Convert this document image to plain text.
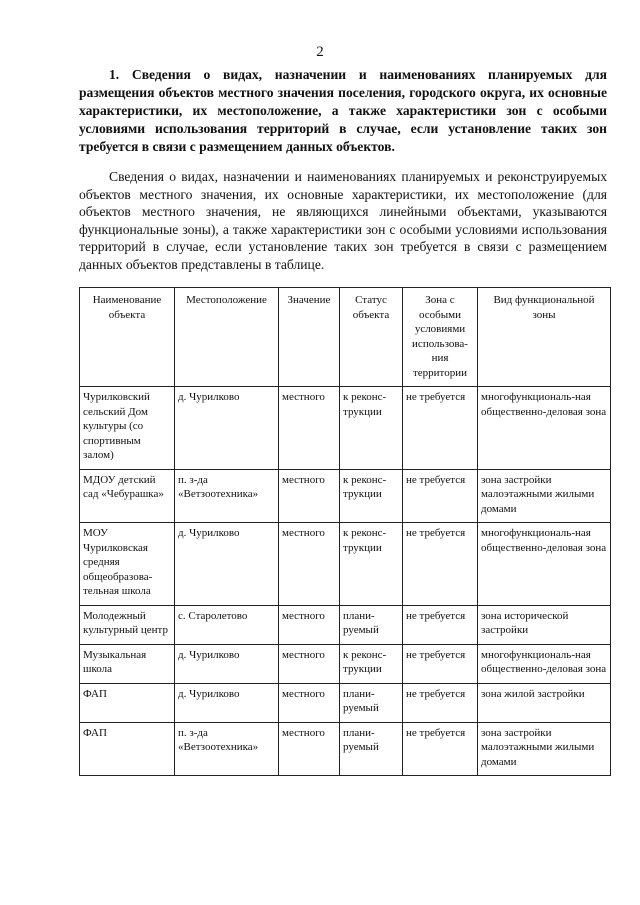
2
1. Сведения о видах, назначении и наименованиях планируемых для размещения объектов местного значения поселения, городского округа, их основные характеристики, их местоположение, а также характеристики зон с особыми условиями использования территорий в случае, если установление таких зон требуется в связи с размещением данных объектов.
Сведения о видах, назначении и наименованиях планируемых и реконструируемых объектов местного значения, их основные характеристики, их местоположение (для объектов местного значения, не являющихся линейными объектами, указываются функциональные зоны), а также характеристики зон с особыми условиями использования территорий в случае, если установление таких зон требуется в связи с размещением данных объектов представлены в таблице.
Наименование объекта	Местоположение	Значение	Статус объекта	Зона с особыми условиями использова-ния территории	Вид функциональной зоны
Чурилковский сельский Дом культуры (со спортивным залом)	д. Чурилково	местного	к реконс-трукции	не требуется	многофункциональ-ная общественно-деловая зона
МДОУ детский сад «Чебурашка»	п. з-да «Ветзоотехника»	местного	к реконс-трукции	не требуется	зона застройки малоэтажными жилыми домами
МОУ Чурилковская средняя общеобразова-тельная школа	д. Чурилково	местного	к реконс-трукции	не требуется	многофункциональ-ная общественно-деловая зона
Молодежный культурный центр	с. Старолетово	местного	плани-руемый	не требуется	зона исторической застройки
Музыкальная школа	д. Чурилково	местного	к реконс-трукции	не требуется	многофункциональ-ная общественно-деловая зона
ФАП	д. Чурилково	местного	плани-руемый	не требуется	зона жилой застройки
ФАП	п. з-да «Ветзоотехника»	местного	плани-руемый	не требуется	зона застройки малоэтажными жилыми домами
